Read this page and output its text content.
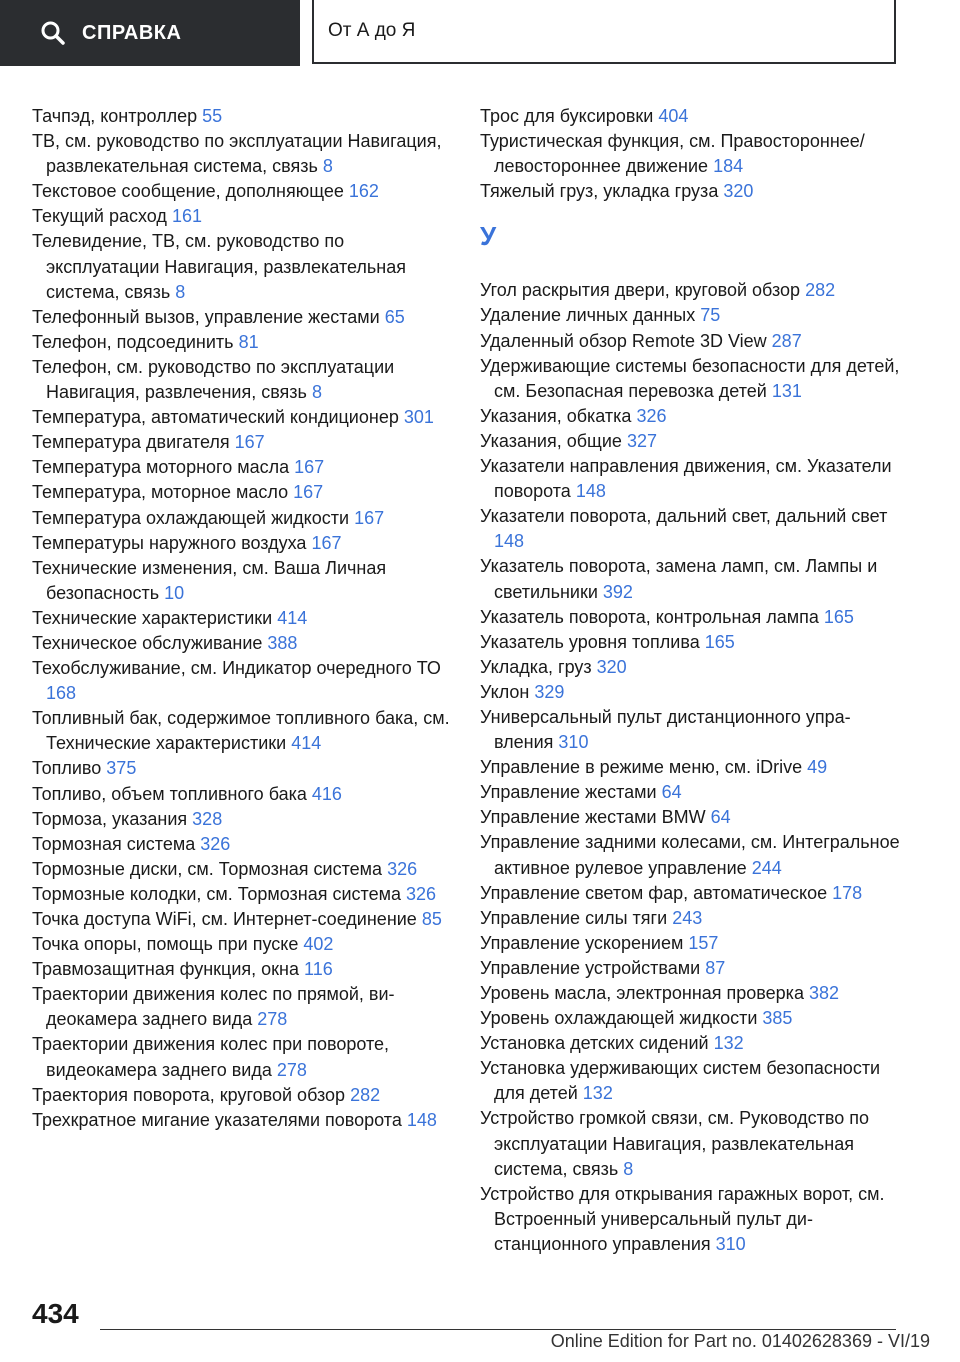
СПРАВКА	От А до Я

Тачпэд, контроллер 55

ТВ, см. руководство по эксплуатации Навигация, развлекательная система, связь 8

Текстовое сообщение, дополняющее 162

Текущий расход 161

Телевидение, ТВ, см. руководство по эксплуатации Навигация, развлекательная система, связь 8

Телефонный вызов, управление жестами 65

Телефон, подсоединить 81

Телефон, см. руководство по эксплуатации Навигация, развлечения, связь 8

Температура, автоматический кондиционер 301

Температура двигателя 167

Температура моторного масла 167

Температура, моторное масло 167

Температура охлаждающей жидкости 167

Температуры наружного воздуха 167

Технические изменения, см. Ваша Личная безопасность 10

Технические характеристики 414

Техническое обслуживание 388

Техобслуживание, см. Индикатор очередного ТО 168

Топливный бак, содержимое топливного бака, см. Технические характеристики 414

Топливо 375

Топливо, объем топливного бака 416

Тормоза, указания 328

Тормозная система 326

Тормозные диски, см. Тормозная система 326

Тормозные колодки, см. Тормозная система 326

Точка доступа WiFi, см. Интернет-соединение 85

Точка опоры, помощь при пуске 402

Травмозащитная функция, окна 116

Траектории движения колес по прямой, видеокамера заднего вида 278

Траектории движения колес при повороте, видеокамера заднего вида 278

Траектория поворота, круговой обзор 282

Трехкратное мигание указателями поворота 148

Трос для буксировки 404

Туристическая функция, см. Правостороннее/ левостороннее движение 184

Тяжелый груз, укладка груза 320

У

Угол раскрытия двери, круговой обзор 282

Удаление личных данных 75

Удаленный обзор Remote 3D View 287

Удерживающие системы безопасности для детей, см. Безопасная перевозка детей 131

Указания, обкатка 326

Указания, общие 327

Указатели направления движения, см. Указатели поворота 148

Указатели поворота, дальний свет, дальний свет 148

Указатель поворота, замена ламп, см. Лампы и светильники 392

Указатель поворота, контрольная лампа 165

Указатель уровня топлива 165

Укладка, груз 320

Уклон 329

Универсальный пульт дистанционного управления 310

Управление в режиме меню, см. iDrive 49

Управление жестами 64

Управление жестами BMW 64

Управление задними колесами, см. Интегральное активное рулевое управление 244

Управление светом фар, автоматическое 178

Управление силы тяги 243

Управление ускорением 157

Управление устройствами 87

Уровень масла, электронная проверка 382

Уровень охлаждающей жидкости 385

Установка детских сидений 132

Установка удерживающих систем безопасности для детей 132

Устройство громкой связи, см. Руководство по эксплуатации Навигация, развлекательная система, связь 8

Устройство для открывания гаражных ворот, см. Встроенный универсальный пульт дистанционного управления 310

434
Online Edition for Part no. 01402628369 - VI/19
